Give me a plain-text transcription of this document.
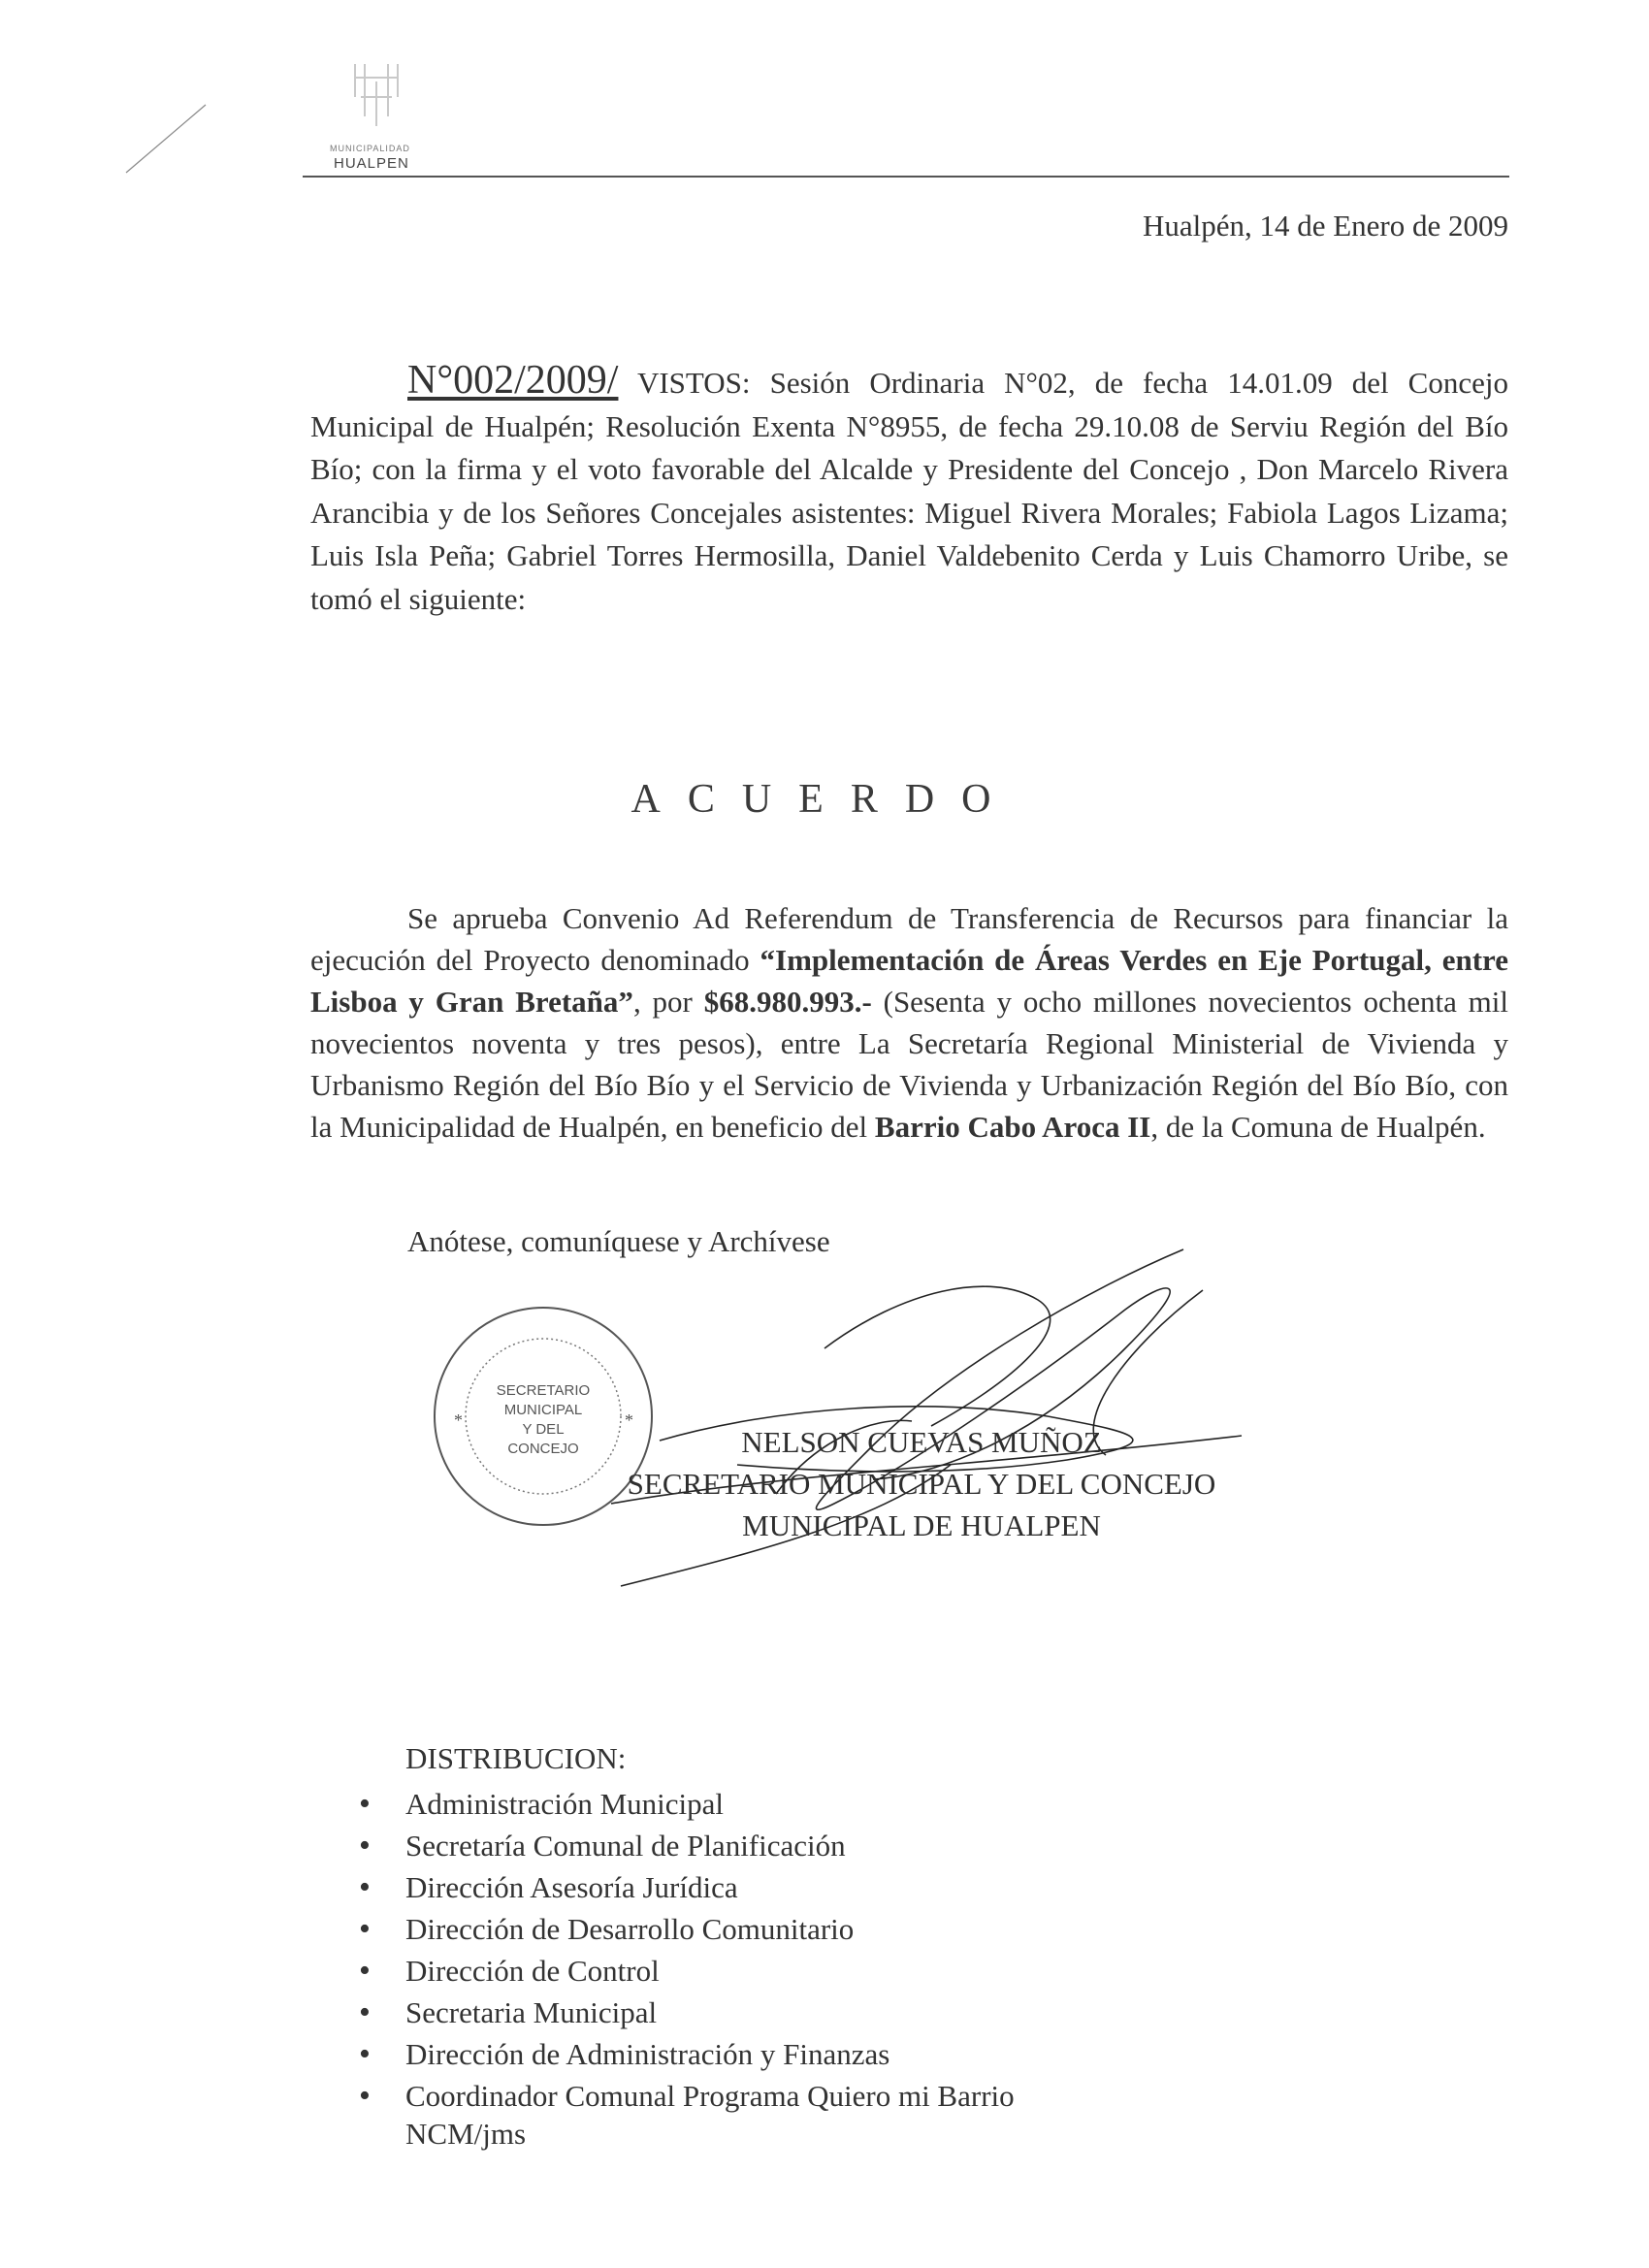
MUNICIPALIDAD
HUALPEN
Hualpén, 14 de Enero de 2009
N°002/2009/ VISTOS: Sesión Ordinaria N°02, de fecha 14.01.09 del Concejo Municipal de Hualpén; Resolución Exenta N°8955, de fecha 29.10.08 de Serviu Región del Bío Bío; con la firma y el voto favorable del Alcalde y Presidente del Concejo , Don Marcelo Rivera Arancibia y de los Señores Concejales asistentes: Miguel Rivera Morales; Fabiola Lagos Lizama; Luis Isla Peña; Gabriel Torres Hermosilla, Daniel Valdebenito Cerda y Luis Chamorro Uribe, se tomó el siguiente:
ACUERDO

Se aprueba Convenio Ad Referendum de Transferencia de Recursos para financiar la ejecución del Proyecto denominado “Implementación de Áreas Verdes en Eje Portugal, entre Lisboa y Gran Bretaña”, por $68.980.993.- (Sesenta y ocho millones novecientos ochenta mil novecientos noventa y tres pesos), entre La Secretaría Regional Ministerial de Vivienda y Urbanismo Región del Bío Bío y el Servicio de Vivienda y Urbanización Región del Bío Bío, con la Municipalidad de Hualpén, en beneficio del Barrio Cabo Aroca II, de la Comuna de Hualpén.

Anótese, comuníquese y Archívese
SECRETARIO
MUNICIPAL
Y DEL
CONCEJO
*	*
NELSON CUEVAS MUÑOZ
SECRETARIO MUNICIPAL Y DEL CONCEJO
MUNICIPAL DE HUALPEN
DISTRIBUCION:
• Administración Municipal
• Secretaría Comunal de Planificación
• Dirección Asesoría Jurídica
• Dirección de Desarrollo Comunitario
• Dirección de Control
• Secretaria Municipal
• Dirección de Administración y Finanzas
• Coordinador Comunal Programa Quiero mi Barrio
NCM/jms
